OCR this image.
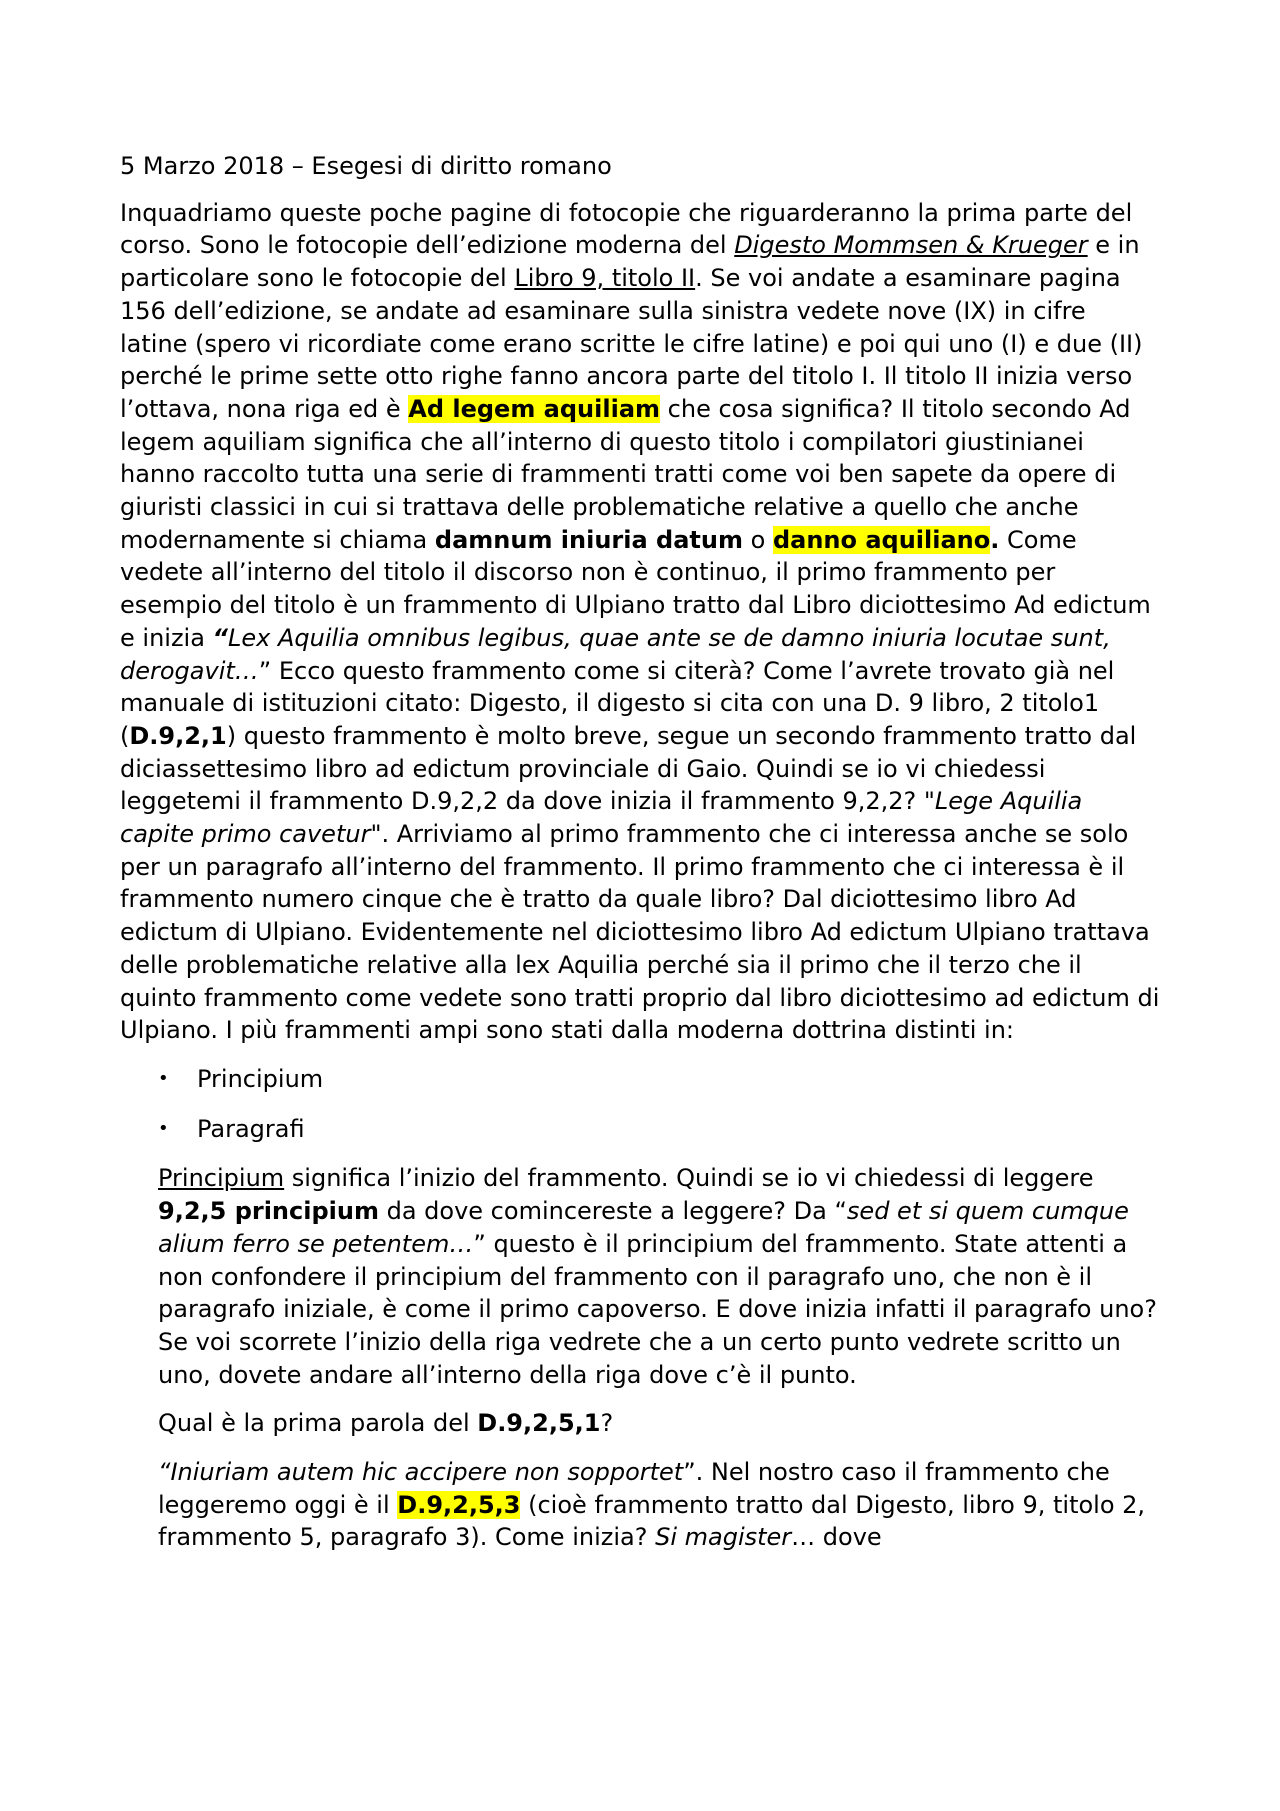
5 Marzo 2018 – Esegesi di diritto romano

Inquadriamo queste poche pagine di fotocopie che riguarderanno la prima parte del corso. Sono le fotocopie dell’edizione moderna del Digesto Mommsen & Krueger e in particolare sono le fotocopie del Libro 9, titolo II. Se voi andate a esaminare pagina 156 dell’edizione, se andate ad esaminare sulla sinistra vedete nove (IX) in cifre latine (spero vi ricordiate come erano scritte le cifre latine) e poi qui uno (I) e due (II) perché le prime sette otto righe fanno ancora parte del titolo I. Il titolo II inizia verso l’ottava, nona riga ed è Ad legem aquiliam che cosa significa? Il titolo secondo Ad legem aquiliam significa che all’interno di questo titolo i compilatori giustinianei hanno raccolto tutta una serie di frammenti tratti come voi ben sapete da opere di giuristi classici in cui si trattava delle problematiche relative a quello che anche modernamente si chiama damnum iniuria datum o danno aquiliano. Come vedete all’interno del titolo il discorso non è continuo, il primo frammento per esempio del titolo è un frammento di Ulpiano tratto dal Libro diciottesimo Ad edictum e inizia “Lex Aquilia omnibus legibus, quae ante se de damno iniuria locutae sunt, derogavit…” Ecco questo frammento come si citerà? Come l’avrete trovato già nel manuale di istituzioni citato: Digesto, il digesto si cita con una D. 9 libro, 2 titolo1 (D.9,2,1) questo frammento è molto breve, segue un secondo frammento tratto dal diciassettesimo libro ad edictum provinciale di Gaio. Quindi se io vi chiedessi leggetemi il frammento D.9,2,2 da dove inizia il frammento 9,2,2? "Lege Aquilia capite primo cavetur". Arriviamo al primo frammento che ci interessa anche se solo per un paragrafo all’interno del frammento. Il primo frammento che ci interessa è il frammento numero cinque che è tratto da quale libro? Dal diciottesimo libro Ad edictum di Ulpiano. Evidentemente nel diciottesimo libro Ad edictum Ulpiano trattava delle problematiche relative alla lex Aquilia perché sia il primo che il terzo che il quinto frammento come vedete sono tratti proprio dal libro diciottesimo ad edictum di Ulpiano. I più frammenti ampi sono stati dalla moderna dottrina distinti in:

• Principium
• Paragrafi

Principium significa l’inizio del frammento. Quindi se io vi chiedessi di leggere 9,2,5 principium da dove comincereste a leggere? Da “sed et si quem cumque alium ferro se petentem…” questo è il principium del frammento. State attenti a non confondere il principium del frammento con il paragrafo uno, che non è il paragrafo iniziale, è come il primo capoverso. E dove inizia infatti il paragrafo uno? Se voi scorrete l’inizio della riga vedrete che a un certo punto vedrete scritto un uno, dovete andare all’interno della riga dove c’è il punto.

Qual è la prima parola del D.9,2,5,1?

“Iniuriam autem hic accipere non sopportet”. Nel nostro caso il frammento che leggeremo oggi è il D.9,2,5,3 (cioè frammento tratto dal Digesto, libro 9, titolo 2, frammento 5, paragrafo 3). Come inizia? Si magister… dove
